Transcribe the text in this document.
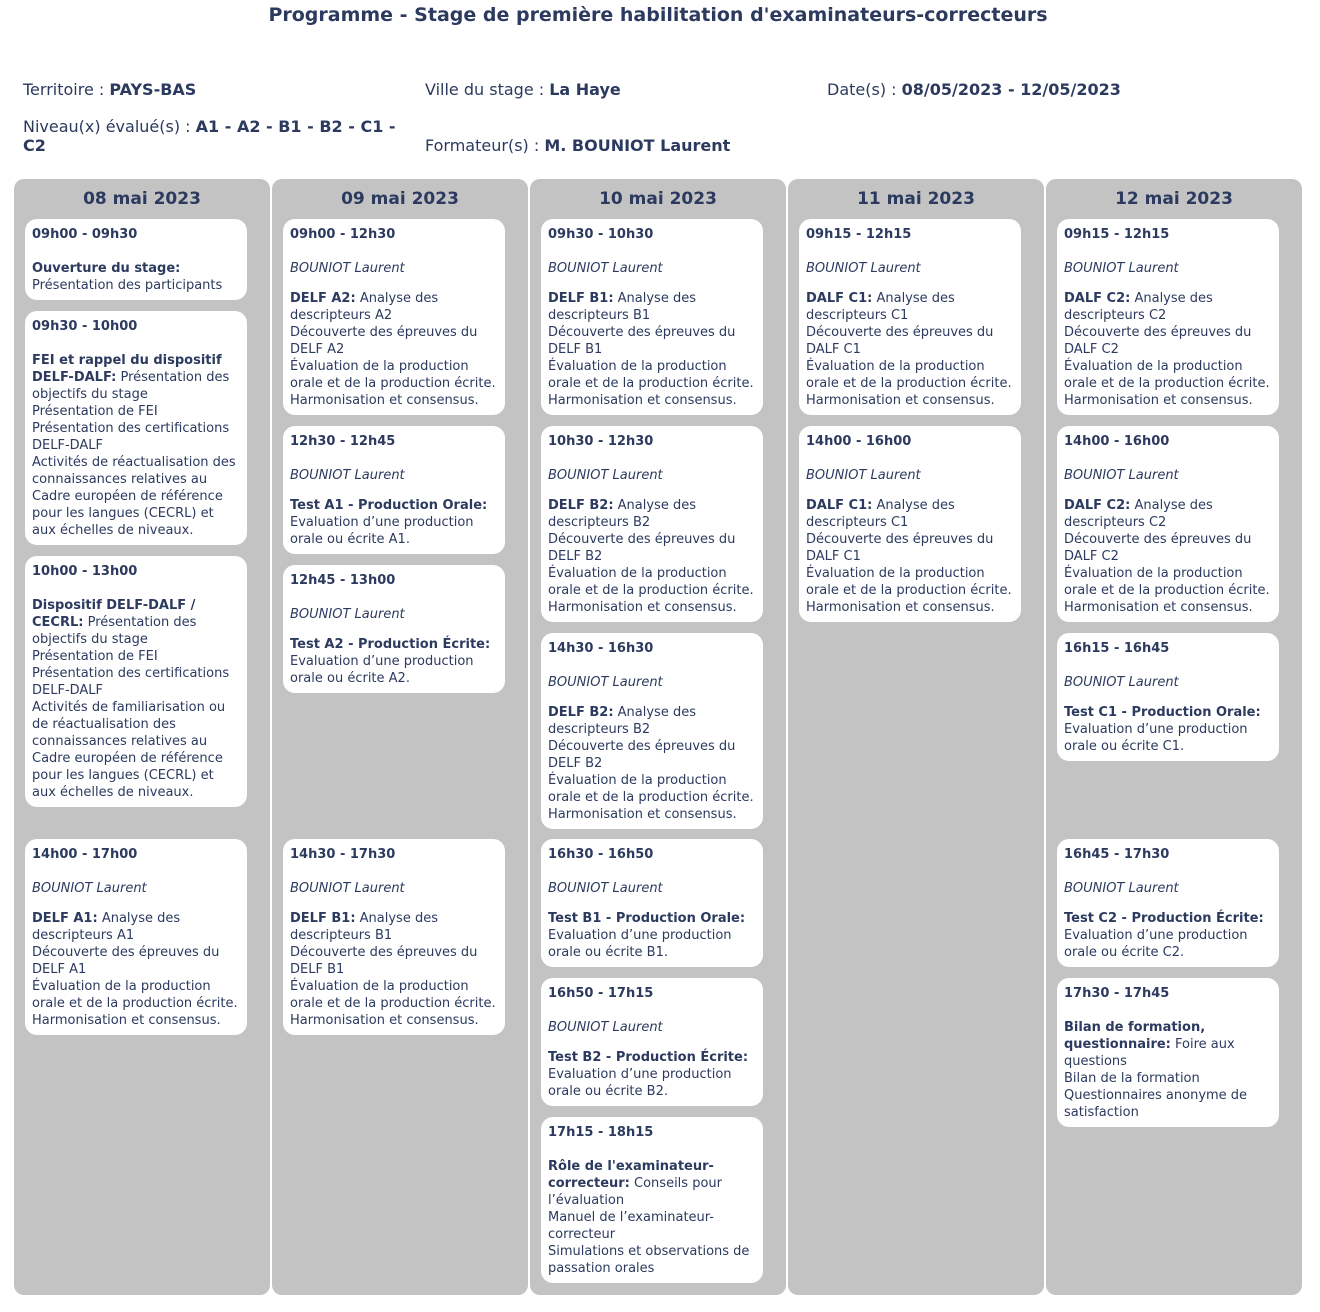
Programme - Stage de première habilitation d'examinateurs-correcteurs
Territoire : PAYS-BAS	Ville du stage : La Haye	Date(s) : 08/05/2023 - 12/05/2023
Niveau(x) évalué(s) : A1 - A2 - B1 - B2 - C1 - C2	Formateur(s) : M. BOUNIOT Laurent
08 mai 2023
09h00 - 09h30
Ouverture du stage: Présentation des participants
09h30 - 10h00
FEI et rappel du dispositif DELF-DALF: Présentation des objectifs du stage
Présentation de FEI
Présentation des certifications DELF-DALF
Activités de réactualisation des connaissances relatives au Cadre européen de référence pour les langues (CECRL) et aux échelles de niveaux.
10h00 - 13h00
Dispositif DELF-DALF / CECRL: Présentation des objectifs du stage
Présentation de FEI
Présentation des certifications DELF-DALF
Activités de familiarisation ou de réactualisation des connaissances relatives au Cadre européen de référence pour les langues (CECRL) et aux échelles de niveaux.
14h00 - 17h00
BOUNIOT Laurent
DELF A1: Analyse des descripteurs A1
Découverte des épreuves du DELF A1
Évaluation de la production orale et de la production écrite.
Harmonisation et consensus.
09 mai 2023
09h00 - 12h30
BOUNIOT Laurent
DELF A2: Analyse des descripteurs A2
Découverte des épreuves du DELF A2
Évaluation de la production orale et de la production écrite.
Harmonisation et consensus.
12h30 - 12h45
BOUNIOT Laurent
Test A1 - Production Orale: Evaluation d’une production orale ou écrite A1.
12h45 - 13h00
BOUNIOT Laurent
Test A2 - Production Écrite: Evaluation d’une production orale ou écrite A2.
14h30 - 17h30
BOUNIOT Laurent
DELF B1: Analyse des descripteurs B1
Découverte des épreuves du DELF B1
Évaluation de la production orale et de la production écrite.
Harmonisation et consensus.
10 mai 2023
09h30 - 10h30
BOUNIOT Laurent
DELF B1: Analyse des descripteurs B1
Découverte des épreuves du DELF B1
Évaluation de la production orale et de la production écrite.
Harmonisation et consensus.
10h30 - 12h30
BOUNIOT Laurent
DELF B2: Analyse des descripteurs B2
Découverte des épreuves du DELF B2
Évaluation de la production orale et de la production écrite.
Harmonisation et consensus.
14h30 - 16h30
BOUNIOT Laurent
DELF B2: Analyse des descripteurs B2
Découverte des épreuves du DELF B2
Évaluation de la production orale et de la production écrite.
Harmonisation et consensus.
16h30 - 16h50
BOUNIOT Laurent
Test B1 - Production Orale: Evaluation d’une production orale ou écrite B1.
16h50 - 17h15
BOUNIOT Laurent
Test B2 - Production Écrite: Evaluation d’une production orale ou écrite B2.
17h15 - 18h15
Rôle de l'examinateur-correcteur: Conseils pour l’évaluation
Manuel de l’examinateur-correcteur
Simulations et observations de passation orales
11 mai 2023
09h15 - 12h15
BOUNIOT Laurent
DALF C1: Analyse des descripteurs C1
Découverte des épreuves du DALF C1
Évaluation de la production orale et de la production écrite.
Harmonisation et consensus.
14h00 - 16h00
BOUNIOT Laurent
DALF C1: Analyse des descripteurs C1
Découverte des épreuves du DALF C1
Évaluation de la production orale et de la production écrite.
Harmonisation et consensus.
12 mai 2023
09h15 - 12h15
BOUNIOT Laurent
DALF C2: Analyse des descripteurs C2
Découverte des épreuves du DALF C2
Évaluation de la production orale et de la production écrite.
Harmonisation et consensus.
14h00 - 16h00
BOUNIOT Laurent
DALF C2: Analyse des descripteurs C2
Découverte des épreuves du DALF C2
Évaluation de la production orale et de la production écrite.
Harmonisation et consensus.
16h15 - 16h45
BOUNIOT Laurent
Test C1 - Production Orale: Evaluation d’une production orale ou écrite C1.
16h45 - 17h30
BOUNIOT Laurent
Test C2 - Production Écrite: Evaluation d’une production orale ou écrite C2.
17h30 - 17h45
Bilan de formation, questionnaire: Foire aux questions
Bilan de la formation
Questionnaires anonyme de satisfaction
